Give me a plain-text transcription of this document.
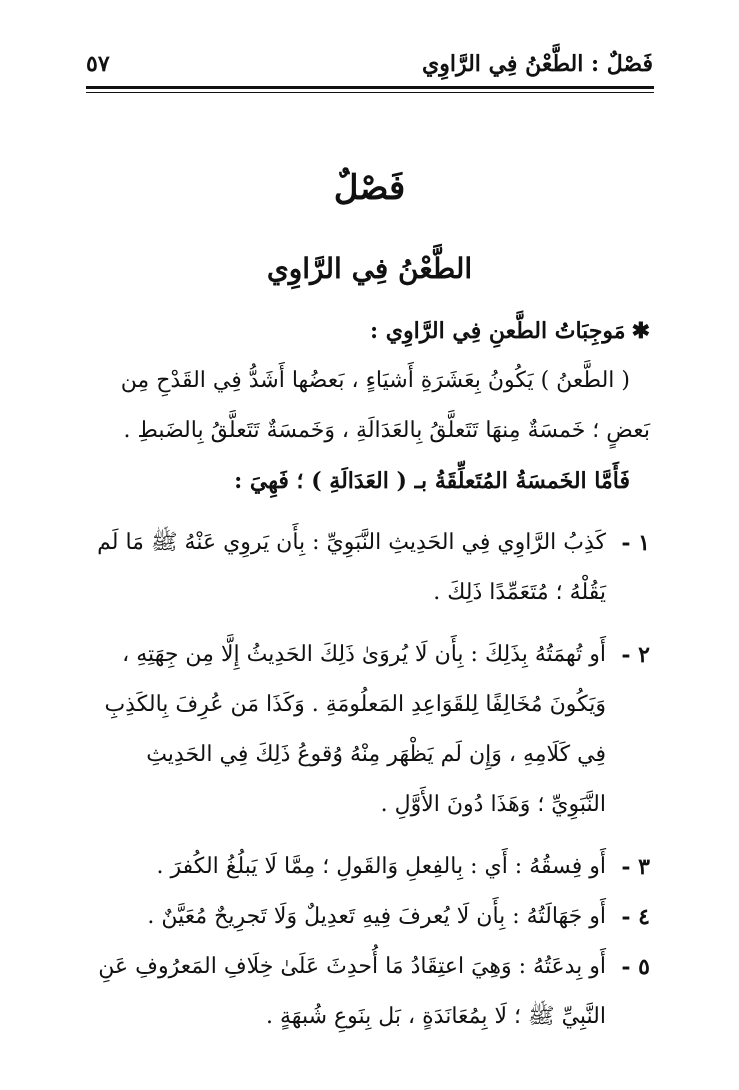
فَصْلٌ : الطَّعْنُ فِي الرَّاوِي
٥٧
فَصْلٌ
الطَّعْنُ فِي الرَّاوِي

✱مَوجِبَاتُ الطَّعنِ فِي الرَّاوِي :

( الطَّعنُ ) يَكُونُ بِعَشَرَةِ أَشيَاءٍ ، بَعضُها أَشَدُّ فِي القَدْحِ مِن بَعضٍ ؛ خَمسَةٌ مِنهَا تَتَعلَّقُ بِالعَدَالَةِ ، وَخَمسَةٌ تَتَعلَّقُ بِالضَبطِ .

فَأَمَّا الخَمسَةُ المُتَعلِّقَةُ بـ ( العَدَالَةِ ) ؛ فَهِيَ :

١ -
كَذِبُ الرَّاوِي فِي الحَدِيثِ النَّبَوِيِّ : بِأَن يَروِي عَنْهُ ﷺ مَا لَم يَقُلْهُ ؛ مُتَعَمِّدًا ذَلِكَ .
٢ -
أَو تُهمَتُهُ بِذَلِكَ : بِأَن لَا يُروَىٰ ذَلِكَ الحَدِيثُ إِلَّا مِن جِهَتِهِ ، وَيَكُونَ مُخَالِفًا لِلقَوَاعِدِ المَعلُومَةِ . وَكَذَا مَن عُرِفَ بِالكَذِبِ فِي كَلَامِهِ ، وَإِن لَم يَظْهَر مِنْهُ وُقوعُ ذَلِكَ فِي الحَدِيثِ النَّبَوِيِّ ؛ وَهَذَا دُونَ الأَوَّلِ .
٣ -
أَو فِسقُهُ : أَي : بِالفِعلِ وَالقَولِ ؛ مِمَّا لَا يَبلُغُ الكُفرَ .
٤ -
أَو جَهَالَتُهُ : بِأَن لَا يُعرفَ فِيهِ تَعدِيلٌ وَلَا تَجرِيحٌ مُعَيَّنٌ .
٥ -
أَو بِدعَتُهُ : وَهِيَ اعتِقَادُ مَا أُحدِثَ عَلَىٰ خِلَافِ المَعرُوفِ عَنِ النَّبِيِّ ﷺ ؛ لَا بِمُعَانَدَةٍ ، بَل بِنَوعِ شُبهَةٍ .
